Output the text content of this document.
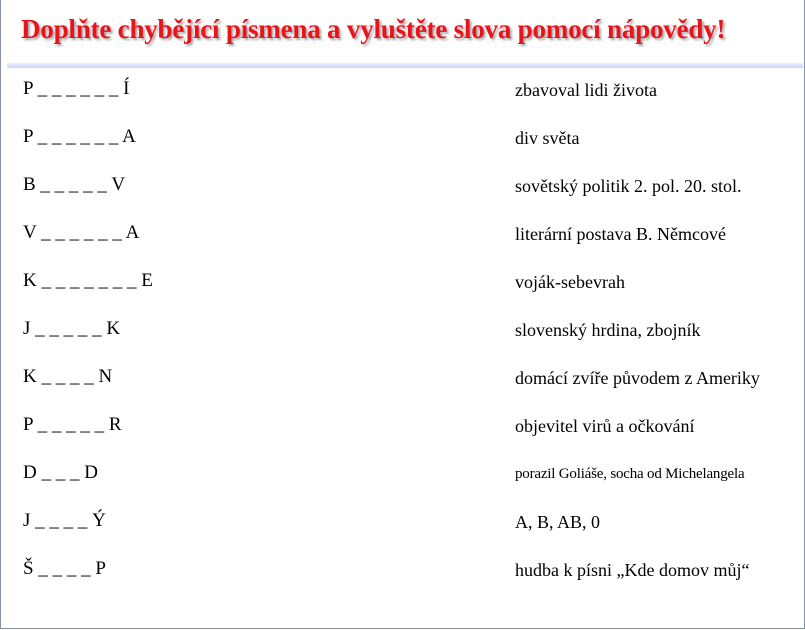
Doplňte chybějící písmena a vyluštěte slova pomocí nápovědy!
P _ _ _ _ _ _ Í	zbavoval lidi života
P _ _ _ _ _ _ A	div světa
B _ _ _ _ _ V	sovětský politik 2. pol. 20. stol.
V _ _ _ _ _ _ A	literární postava B. Němcové
K _ _ _ _ _ _ _ E	voják-sebevrah
J _ _ _ _ _ K	slovenský hrdina, zbojník
K _ _ _ _ N	domácí zvíře původem z Ameriky
P _ _ _ _ _ R	objevitel virů a očkování
D _ _ _ D	porazil Goliáše, socha od Michelangela
J _ _ _ _ Ý	A, B, AB, 0
Š _ _ _ _ P	hudba k písni „Kde domov můj“
